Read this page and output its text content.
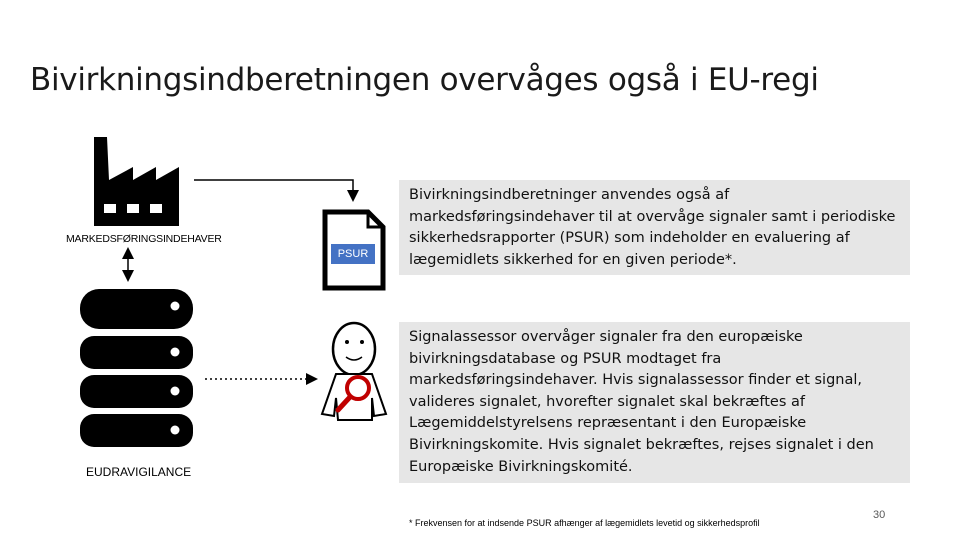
Bivirkningsindberetningen overvåges også i EU-regi
MARKEDSFØRINGSINDEHAVER
EUDRAVIGILANCE
PSUR
Bivirkningsindberetninger anvendes også af markedsføringsindehaver til at overvåge signaler samt i periodiske sikkerhedsrapporter (PSUR) som indeholder en evaluering af lægemidlets sikkerhed for en given periode*.
Signalassessor overvåger signaler fra den europæiske bivirkningsdatabase og PSUR modtaget fra markedsføringsindehaver. Hvis signalassessor finder et signal, valideres signalet, hvorefter signalet skal bekræftes af Lægemiddelstyrelsens repræsentant i den Europæiske Bivirkningskomite. Hvis signalet bekræftes, rejses signalet i den Europæiske Bivirkningskomité.
* Frekvensen for at indsende PSUR afhænger af lægemidlets levetid og sikkerhedsprofil
30
